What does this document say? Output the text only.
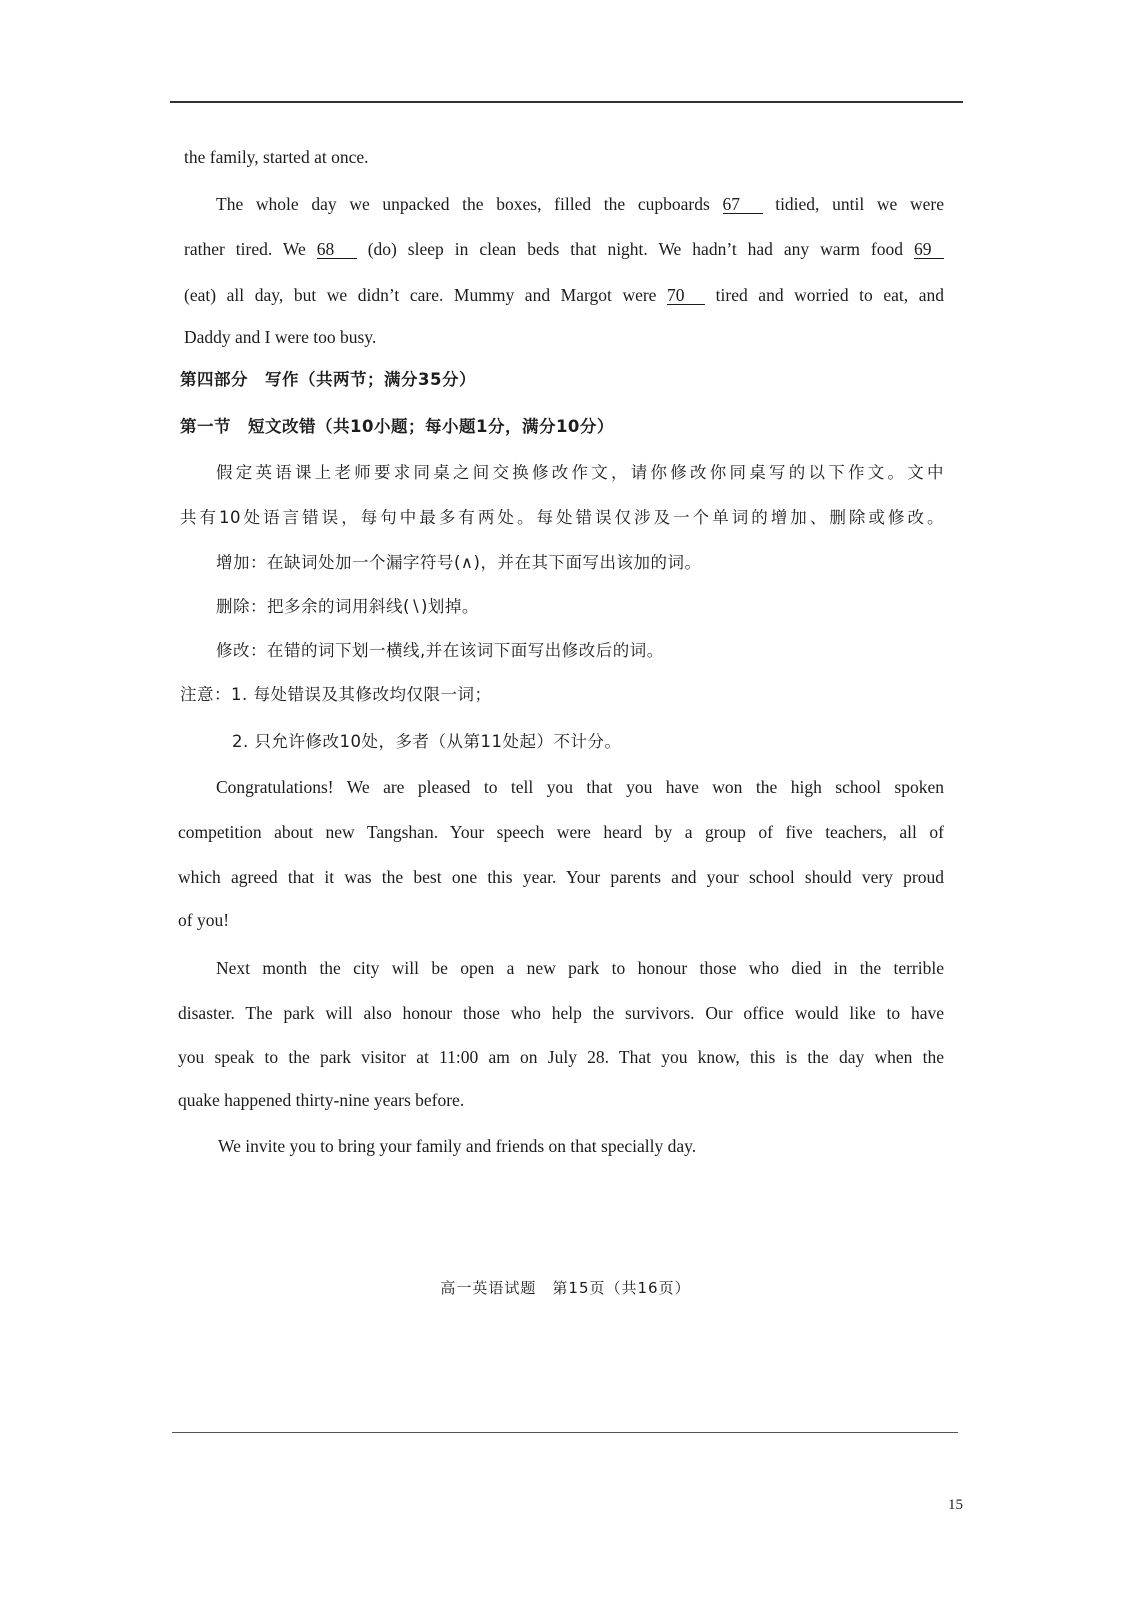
the family, started at once.
The whole day we unpacked the boxes, filled the cupboards 67 tidied, until we were
rather tired. We 68 (do) sleep in clean beds that night. We hadn’t had any warm food 69
(eat) all day, but we didn’t care. Mummy and Margot were 70 tired and worried to eat, and
Daddy and I were too busy.
第四部分　写作（共两节；满分35分）
第一节　短文改错（共10小题；每小题1分，满分10分）
假定英语课上老师要求同桌之间交换修改作文，请你修改你同桌写的以下作文。文中
共有10处语言错误，每句中最多有两处。每处错误仅涉及一个单词的增加、删除或修改。
增加：在缺词处加一个漏字符号(∧)，并在其下面写出该加的词。
删除：把多余的词用斜线(∖)划掉。
修改：在错的词下划一横线,并在该词下面写出修改后的词。
注意：1. 每处错误及其修改均仅限一词；
2. 只允许修改10处，多者（从第11处起）不计分。
Congratulations! We are pleased to tell you that you have won the high school spoken
competition about new Tangshan. Your speech were heard by a group of five teachers, all of
which agreed that it was the best one this year. Your parents and your school should very proud
of you!
Next month the city will be open a new park to honour those who died in the terrible
disaster. The park will also honour those who help the survivors. Our office would like to have
you speak to the park visitor at 11:00 am on July 28. That you know, this is the day when the
quake happened thirty-nine years before.
We invite you to bring your family and friends on that specially day.
高一英语试题　第15页（共16页）
15
